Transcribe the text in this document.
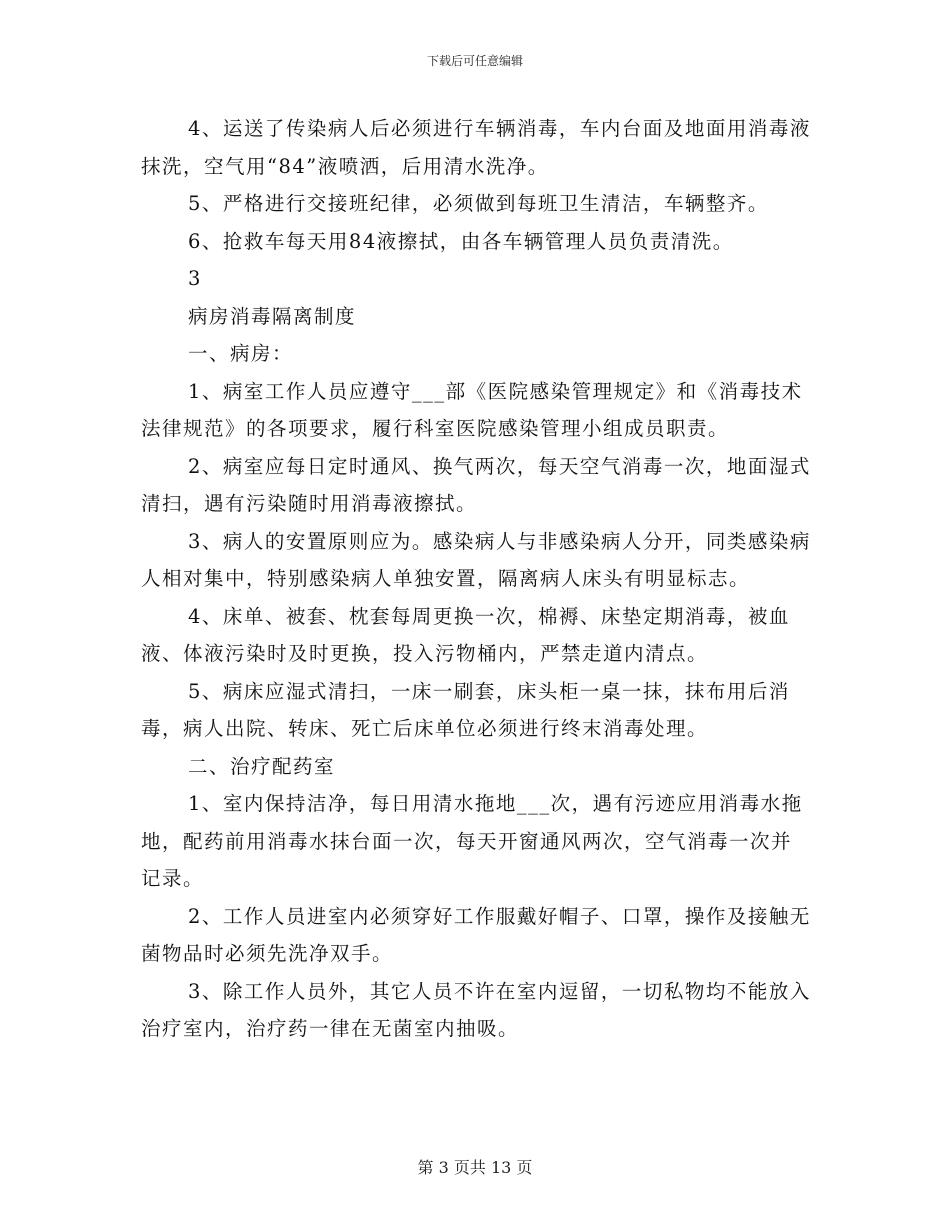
下载后可任意编辑

4、运送了传染病人后必须进行车辆消毒，车内台面及地面用消毒液抹洗，空气用“84”液喷洒，后用清水洗净。

5、严格进行交接班纪律，必须做到每班卫生清洁，车辆整齐。

6、抢救车每天用84液擦拭，由各车辆管理人员负责清洗。

3

病房消毒隔离制度

一、病房：

1、病室工作人员应遵守___部《医院感染管理规定》和《消毒技术法律规范》的各项要求，履行科室医院感染管理小组成员职责。

2、病室应每日定时通风、换气两次，每天空气消毒一次，地面湿式清扫，遇有污染随时用消毒液擦拭。

3、病人的安置原则应为。感染病人与非感染病人分开，同类感染病人相对集中，特别感染病人单独安置，隔离病人床头有明显标志。

4、床单、被套、枕套每周更换一次，棉褥、床垫定期消毒，被血液、体液污染时及时更换，投入污物桶内，严禁走道内清点。

5、病床应湿式清扫，一床一刷套，床头柜一桌一抹，抹布用后消毒，病人出院、转床、死亡后床单位必须进行终末消毒处理。

二、治疗配药室

1、室内保持洁净，每日用清水拖地___次，遇有污迹应用消毒水拖地，配药前用消毒水抹台面一次，每天开窗通风两次，空气消毒一次并记录。

2、工作人员进室内必须穿好工作服戴好帽子、口罩，操作及接触无菌物品时必须先洗净双手。

3、除工作人员外，其它人员不许在室内逗留，一切私物均不能放入治疗室内，治疗药一律在无菌室内抽吸。

第 3 页共 13 页
